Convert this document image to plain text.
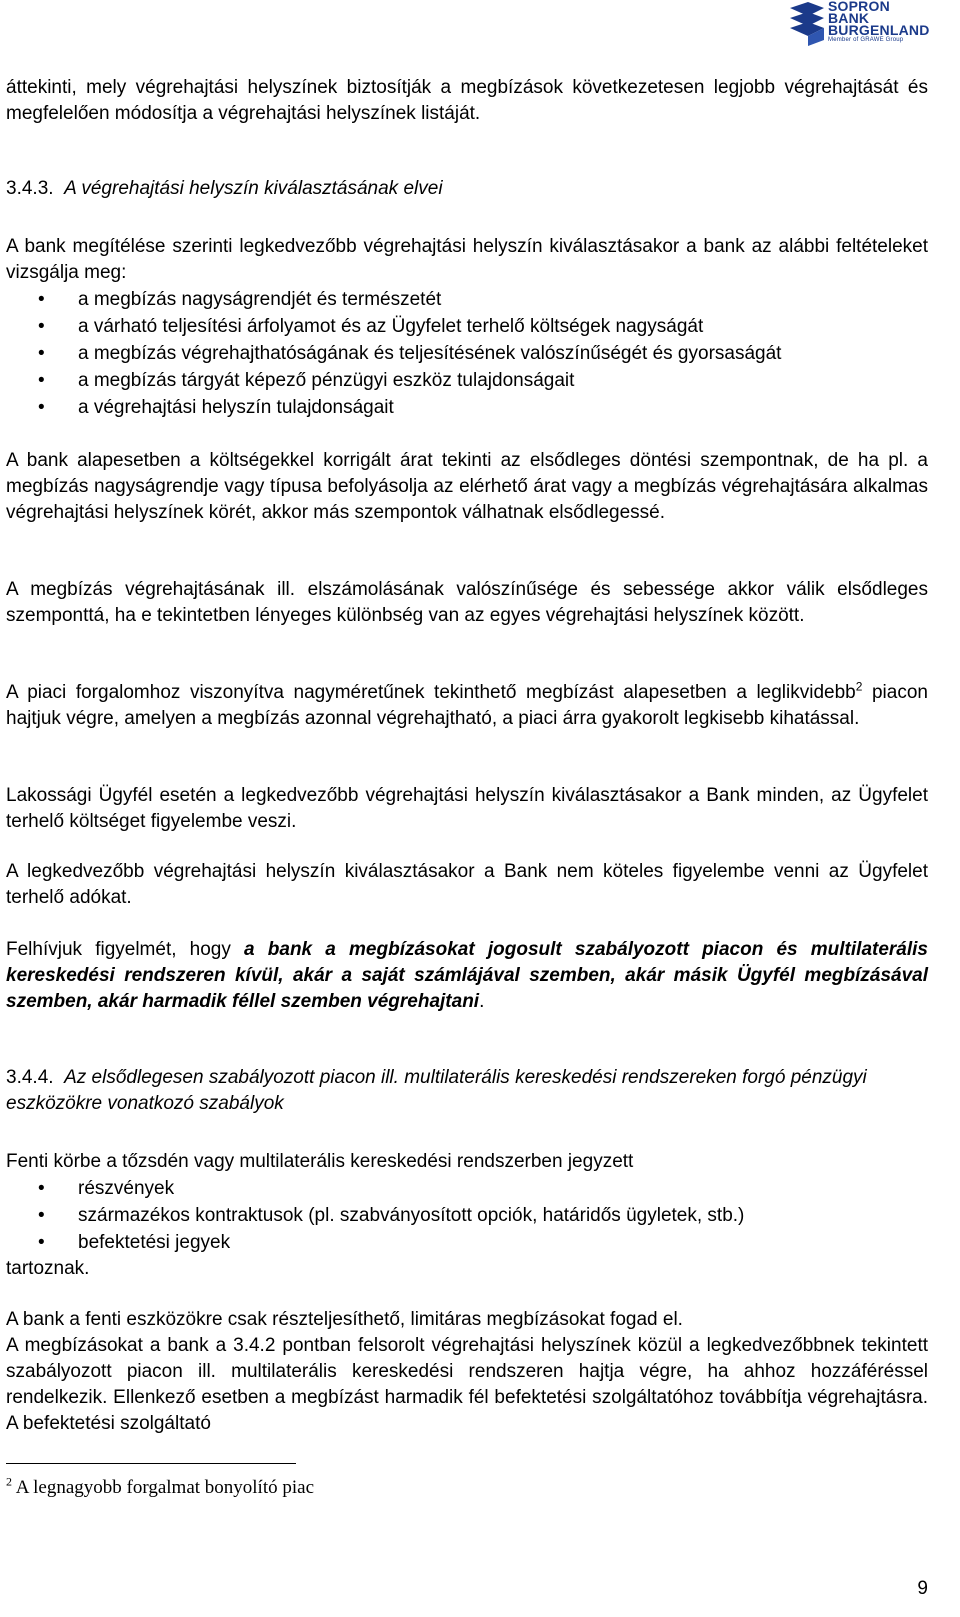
SOPRON
BANK
BURGENLAND
Member of GRAWE Group

áttekinti, mely végrehajtási helyszínek biztosítják a megbízások következetesen legjobb végrehajtását és megfelelően módosítja a végrehajtási helyszínek listáját.

3.4.3. A végrehajtási helyszín kiválasztásának elvei

A bank megítélése szerinti legkedvezőbb végrehajtási helyszín kiválasztásakor a bank az alábbi feltételeket vizsgálja meg:

• a megbízás nagyságrendjét és természetét
• a várható teljesítési árfolyamot és az Ügyfelet terhelő költségek nagyságát
• a megbízás végrehajthatóságának és teljesítésének valószínűségét és gyorsaságát
• a megbízás tárgyát képező pénzügyi eszköz tulajdonságait
• a végrehajtási helyszín tulajdonságait

A bank alapesetben a költségekkel korrigált árat tekinti az elsődleges döntési szempontnak, de ha pl. a megbízás nagyságrendje vagy típusa befolyásolja az elérhető árat vagy a megbízás végrehajtására alkalmas végrehajtási helyszínek körét, akkor más szempontok válhatnak elsődlegessé.

A megbízás végrehajtásának ill. elszámolásának valószínűsége és sebessége akkor válik elsődleges szemponttá, ha e tekintetben lényeges különbség van az egyes végrehajtási helyszínek között.

A piaci forgalomhoz viszonyítva nagyméretűnek tekinthető megbízást alapesetben a leglikvidebb$^2$ piacon hajtjuk végre, amelyen a megbízás azonnal végrehajtható, a piaci árra gyakorolt legkisebb kihatással.

Lakossági Ügyfél esetén a legkedvezőbb végrehajtási helyszín kiválasztásakor a Bank minden, az Ügyfelet terhelő költséget figyelembe veszi.

A legkedvezőbb végrehajtási helyszín kiválasztásakor a Bank nem köteles figyelembe venni az Ügyfelet terhelő adókat.

Felhívjuk figyelmét, hogy a bank a megbízásokat jogosult szabályozott piacon és multilaterális kereskedési rendszeren kívül, akár a saját számlájával szemben, akár másik Ügyfél megbízásával szemben, akár harmadik féllel szemben végrehajtani.

3.4.4. Az elsődlegesen szabályozott piacon ill. multilaterális kereskedési rendszereken forgó pénzügyi eszközökre vonatkozó szabályok

Fenti körbe a tőzsdén vagy multilaterális kereskedési rendszerben jegyzett

• részvények
• származékos kontraktusok (pl. szabványosított opciók, határidős ügyletek, stb.)
• befektetési jegyek

tartoznak.

A bank a fenti eszközökre csak részteljesíthető, limitáras megbízásokat fogad el.

A megbízásokat a bank a 3.4.2 pontban felsorolt végrehajtási helyszínek közül a legkedvezőbbnek tekintett szabályozott piacon ill. multilaterális kereskedési rendszeren hajtja végre, ha ahhoz hozzáféréssel rendelkezik. Ellenkező esetben a megbízást harmadik fél befektetési szolgáltatóhoz továbbítja végrehajtásra. A befektetési szolgáltató

$^2$ A legnagyobb forgalmat bonyolító piac

9
